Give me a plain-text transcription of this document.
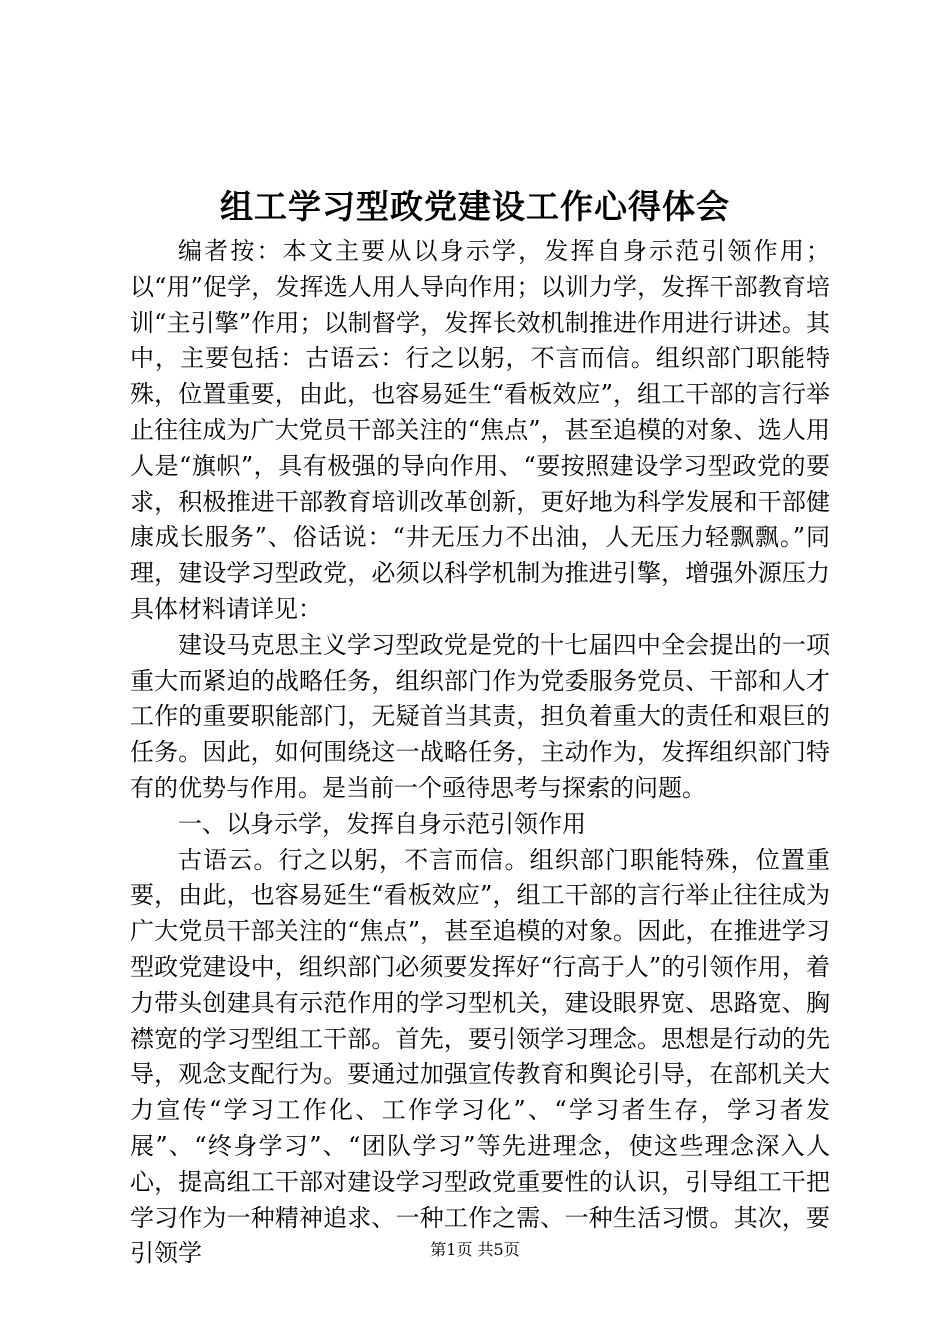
组工学习型政党建设工作心得体会

编者按：本文主要从以身示学，发挥自身示范引领作用；以“用”促学，发挥选人用人导向作用；以训力学，发挥干部教育培训“主引擎”作用；以制督学，发挥长效机制推进作用进行讲述。其中，主要包括：古语云：行之以躬，不言而信。组织部门职能特殊，位置重要，由此，也容易延生“看板效应”，组工干部的言行举止往往成为广大党员干部关注的“焦点”，甚至追模的对象、选人用人是“旗帜”，具有极强的导向作用、“要按照建设学习型政党的要求，积极推进干部教育培训改革创新，更好地为科学发展和干部健康成长服务”、俗话说：“井无压力不出油，人无压力轻飘飘。”同理，建设学习型政党，必须以科学机制为推进引擎，增强外源压力具体材料请详见：

建设马克思主义学习型政党是党的十七届四中全会提出的一项重大而紧迫的战略任务，组织部门作为党委服务党员、干部和人才工作的重要职能部门，无疑首当其责，担负着重大的责任和艰巨的任务。因此，如何围绕这一战略任务，主动作为，发挥组织部门特有的优势与作用。是当前一个亟待思考与探索的问题。

一、以身示学，发挥自身示范引领作用

古语云。行之以躬，不言而信。组织部门职能特殊，位置重要，由此，也容易延生“看板效应”，组工干部的言行举止往往成为广大党员干部关注的“焦点”，甚至追模的对象。因此，在推进学习型政党建设中，组织部门必须要发挥好“行高于人”的引领作用，着力带头创建具有示范作用的学习型机关，建设眼界宽、思路宽、胸襟宽的学习型组工干部。首先，要引领学习理念。思想是行动的先导，观念支配行为。要通过加强宣传教育和舆论引导，在部机关大力宣传“学习工作化、工作学习化”、“学习者生存，学习者发展”、“终身学习”、“团队学习”等先进理念，使这些理念深入人心，提高组工干部对建设学习型政党重要性的认识，引导组工干把学习作为一种精神追求、一种工作之需、一种生活习惯。其次，要引领学	第1页 共5页
